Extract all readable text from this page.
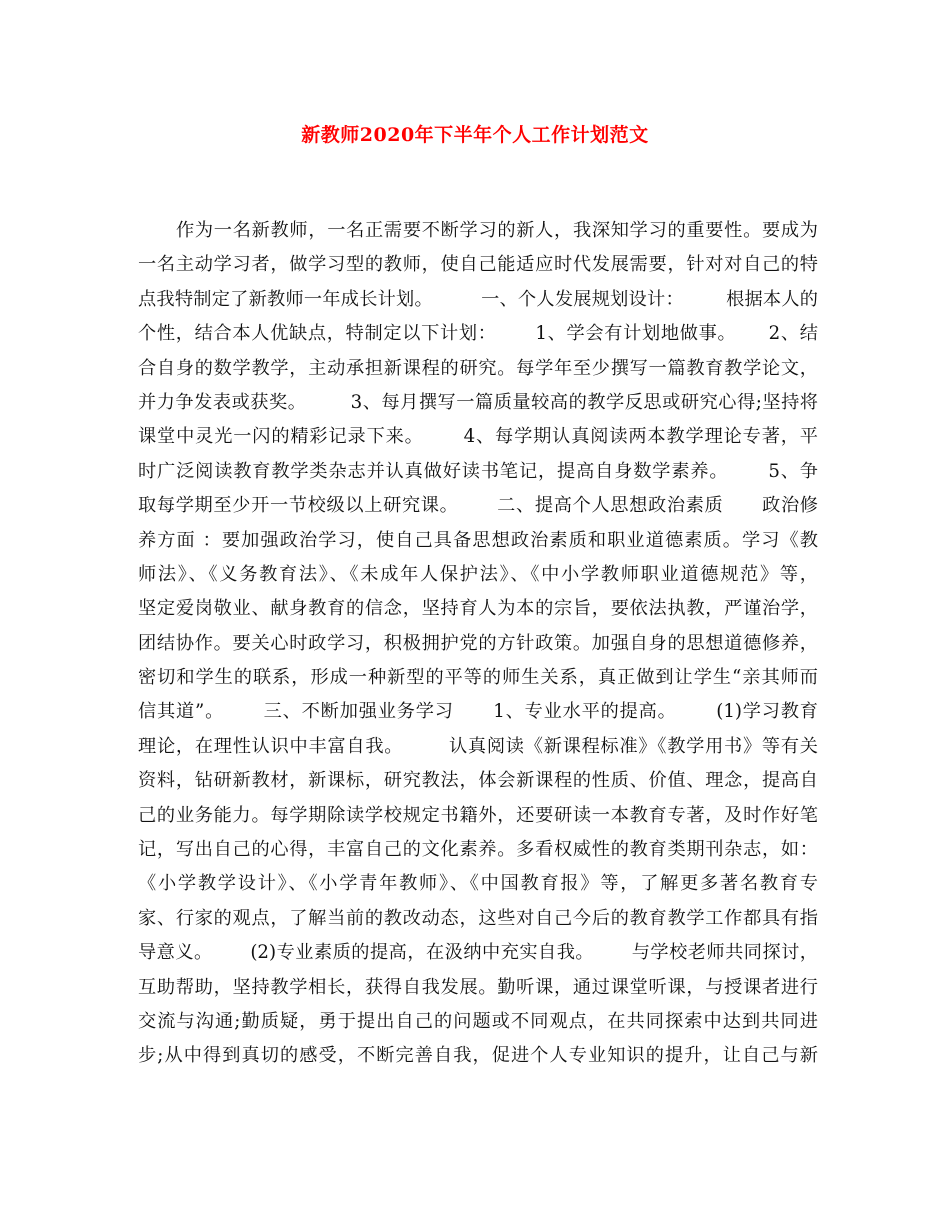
新教师2020年下半年个人工作计划范文
作为一名新教师，一名正需要不断学习的新人，我深知学习的重要性。要成为
一名主动学习者，做学习型的教师，使自己能适应时代发展需要，针对对自己的特
点我特制定了新教师一年成长计划。        一、个人发展规划设计：       根据本人的
个性，结合本人优缺点，特制定以下计划：      1、学会有计划地做事。     2、结
合自身的数学教学，主动承担新课程的研究。每学年至少撰写一篇教育教学论文，
并力争发表或获奖。       3、每月撰写一篇质量较高的教学反思或研究心得;坚持将
课堂中灵光一闪的精彩记录下来。      4、每学期认真阅读两本教学理论专著，平
时广泛阅读教育教学类杂志并认真做好读书笔记，提高自身数学素养。      5、争
取每学期至少开一节校级以上研究课。      二、提高个人思想政治素质      政治修
养方面 ：要加强政治学习，使自己具备思想政治素质和职业道德素质。学习《教
师法》、《义务教育法》、《未成年人保护法》、《中小学教师职业道德规范》等，
坚定爱岗敬业、献身教育的信念，坚持育人为本的宗旨，要依法执教，严谨治学，
团结协作。要关心时政学习，积极拥护党的方针政策。加强自身的思想道德修养，
密切和学生的联系，形成一种新型的平等的师生关系，真正做到让学生“亲其师而
信其道”。      三、不断加强业务学习      1、专业水平的提高。      (1)学习教育
理论，在理性认识中丰富自我。       认真阅读《新课程标准》《教学用书》等有关
资料，钻研新教材，新课标，研究教法，体会新课程的性质、价值、理念，提高自
己的业务能力。每学期除读学校规定书籍外，还要研读一本教育专著，及时作好笔
记，写出自己的心得，丰富自己的文化素养。多看权威性的教育类期刊杂志，如：
《小学教学设计》、《小学青年教师》、《中国教育报》等，了解更多著名教育专
家、行家的观点，了解当前的教改动态，这些对自己今后的教育教学工作都具有指
导意义。      (2)专业素质的提高，在汲纳中充实自我。      与学校老师共同探讨，
互助帮助，坚持教学相长，获得自我发展。勤听课，通过课堂听课，与授课者进行
交流与沟通;勤质疑，勇于提出自己的问题或不同观点，在共同探索中达到共同进
步;从中得到真切的感受，不断完善自我，促进个人专业知识的提升，让自己与新
